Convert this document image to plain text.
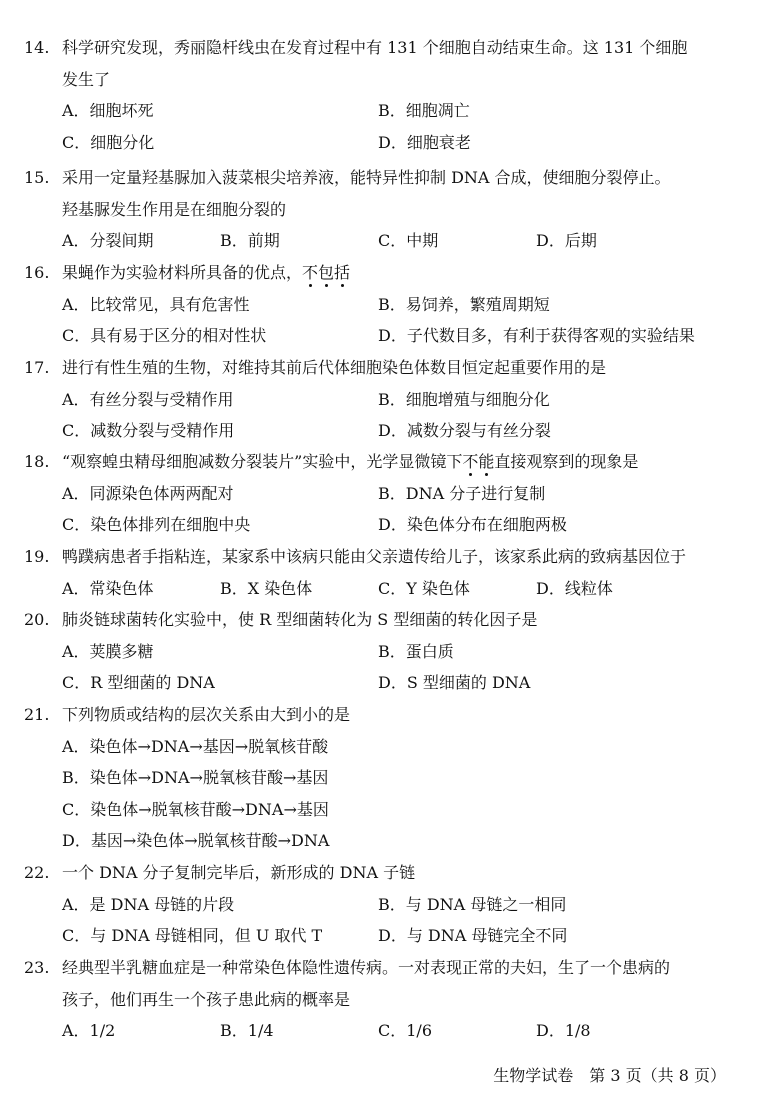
14. 科学研究发现，秀丽隐杆线虫在发育过程中有 131 个细胞自动结束生命。这 131 个细胞
发生了
A．细胞坏死	B．细胞凋亡
C．细胞分化	D．细胞衰老
15. 采用一定量羟基脲加入菠菜根尖培养液，能特异性抑制 DNA 合成，使细胞分裂停止。
羟基脲发生作用是在细胞分裂的
A．分裂间期	B．前期	C．中期	D．后期
16. 果蝇作为实验材料所具备的优点，不包括
A．比较常见，具有危害性	B．易饲养，繁殖周期短
C．具有易于区分的相对性状	D．子代数目多，有利于获得客观的实验结果
17. 进行有性生殖的生物，对维持其前后代体细胞染色体数目恒定起重要作用的是
A．有丝分裂与受精作用	B．细胞增殖与细胞分化
C．减数分裂与受精作用	D．减数分裂与有丝分裂
18. “观察蝗虫精母细胞减数分裂装片”实验中，光学显微镜下不能直接观察到的现象是
A．同源染色体两两配对	B．DNA 分子进行复制
C．染色体排列在细胞中央	D．染色体分布在细胞两极
19. 鸭蹼病患者手指粘连，某家系中该病只能由父亲遗传给儿子，该家系此病的致病基因位于
A．常染色体	B．X 染色体	C．Y 染色体	D．线粒体
20. 肺炎链球菌转化实验中，使 R 型细菌转化为 S 型细菌的转化因子是
A．荚膜多糖	B．蛋白质
C．R 型细菌的 DNA	D．S 型细菌的 DNA
21. 下列物质或结构的层次关系由大到小的是
A．染色体→DNA→基因→脱氧核苷酸
B．染色体→DNA→脱氧核苷酸→基因
C．染色体→脱氧核苷酸→DNA→基因
D．基因→染色体→脱氧核苷酸→DNA
22. 一个 DNA 分子复制完毕后，新形成的 DNA 子链
A．是 DNA 母链的片段	B．与 DNA 母链之一相同
C．与 DNA 母链相同，但 U 取代 T	D．与 DNA 母链完全不同
23. 经典型半乳糖血症是一种常染色体隐性遗传病。一对表现正常的夫妇，生了一个患病的
孩子，他们再生一个孩子患此病的概率是
A．1/2	B．1/4	C．1/6	D．1/8
生物学试卷　第 3 页（共 8 页）
